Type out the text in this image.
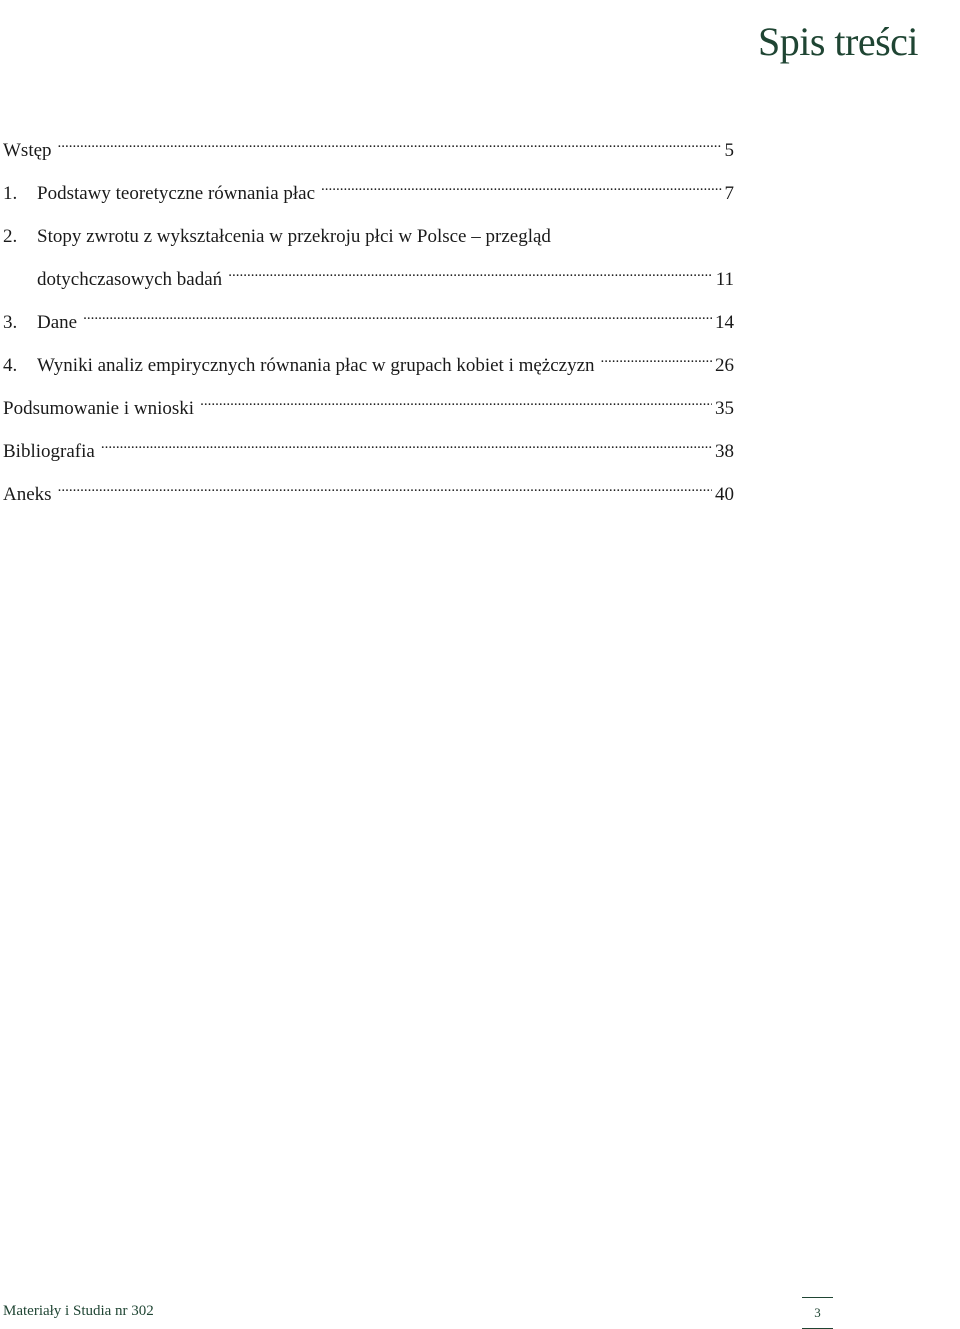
Spis treści
Wstęp .....	5
1.	Podstawy teoretyczne równania płac .....	7
2.	Stopy zwrotu z wykształcenia w przekroju płci w Polsce – przegląd
dotychczasowych badań .....	11
3.	Dane .....	14
4.	Wyniki analiz empirycznych równania płac w grupach kobiet i mężczyzn .....	26
Podsumowanie i wnioski .....	35
Bibliografia .....	38
Aneks .....	40
Materiały i Studia nr 302	3
